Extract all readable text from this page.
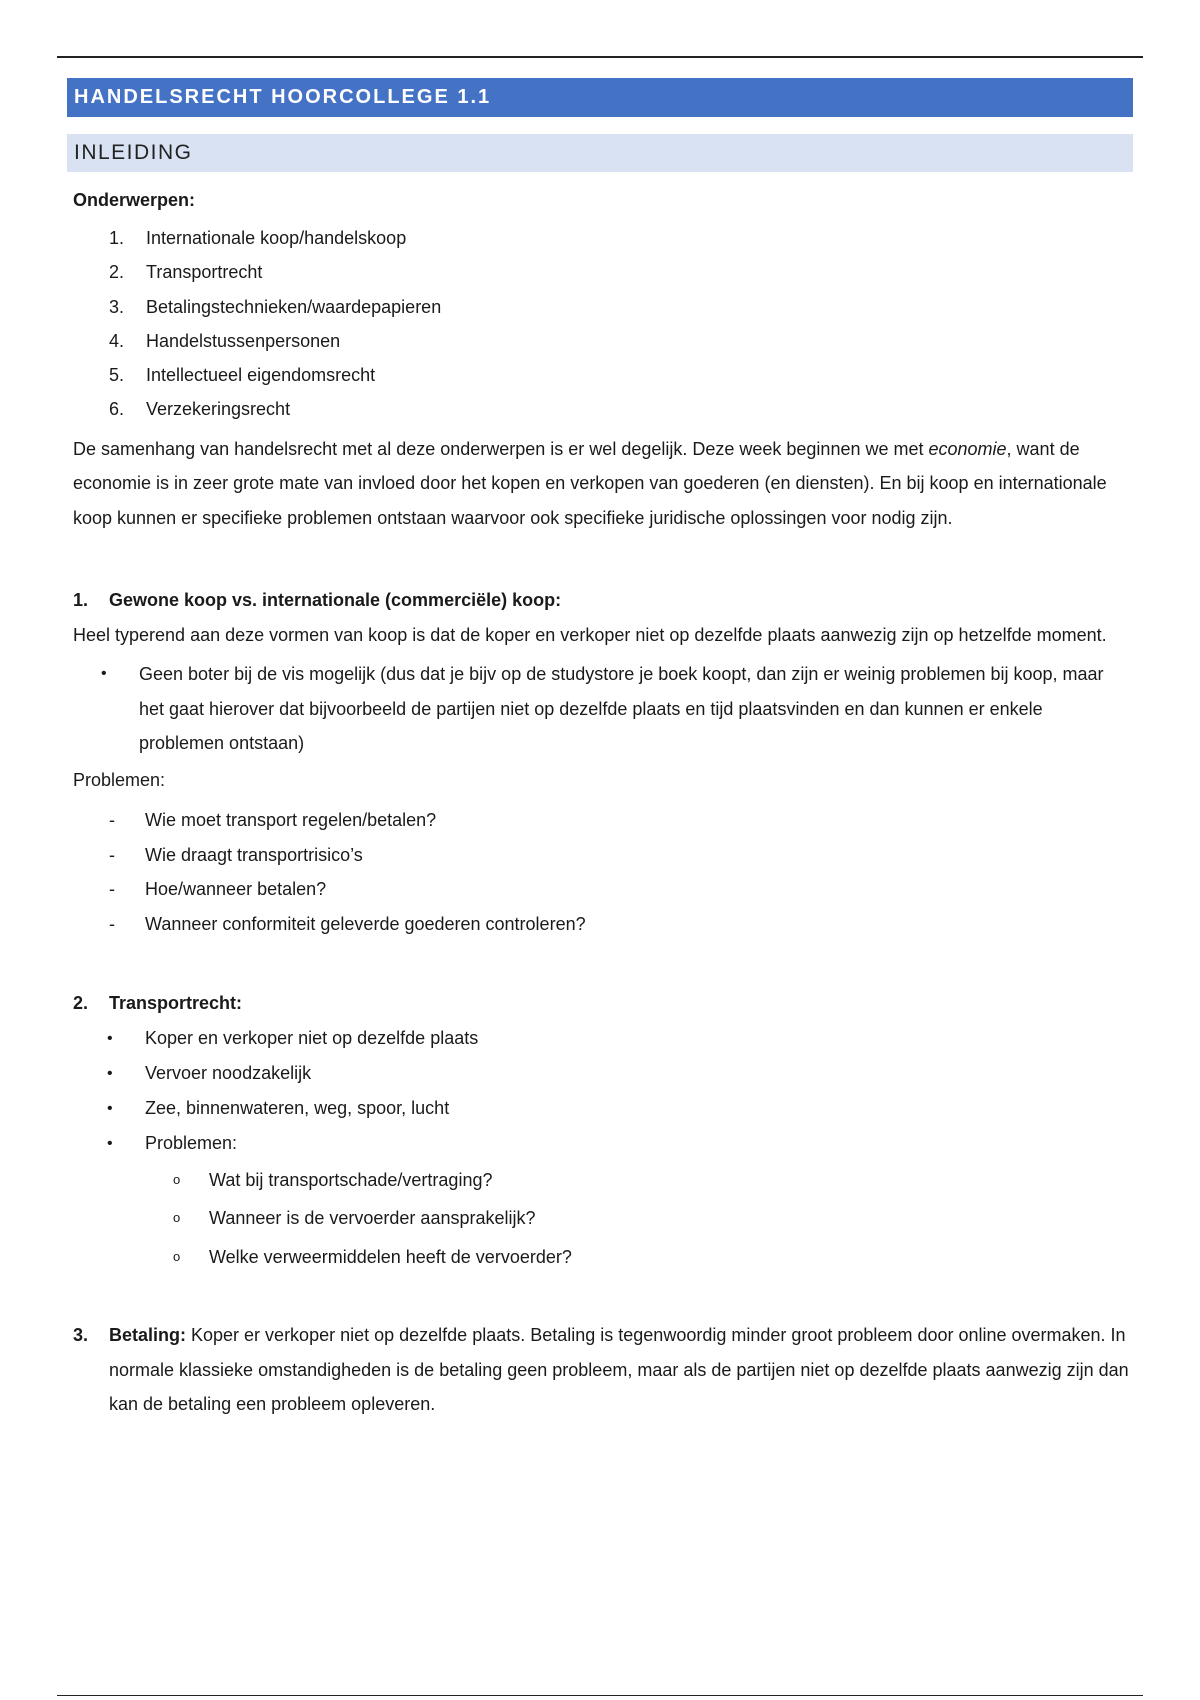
HANDELSRECHT HOORCOLLEGE 1.1
INLEIDING
Onderwerpen:
1. Internationale koop/handelskoop
2. Transportrecht
3. Betalingstechnieken/waardepapieren
4. Handelstussenpersonen
5. Intellectueel eigendomsrecht
6. Verzekeringsrecht

De samenhang van handelsrecht met al deze onderwerpen is er wel degelijk. Deze week beginnen we met economie, want de economie is in zeer grote mate van invloed door het kopen en verkopen van goederen (en diensten). En bij koop en internationale koop kunnen er specifieke problemen ontstaan waarvoor ook specifieke juridische oplossingen voor nodig zijn.

1. Gewone koop vs. internationale (commerciële) koop:

Heel typerend aan deze vormen van koop is dat de koper en verkoper niet op dezelfde plaats aanwezig zijn op hetzelfde moment.

• Geen boter bij de vis mogelijk (dus dat je bijv op de studystore je boek koopt, dan zijn er weinig problemen bij koop, maar het gaat hierover dat bijvoorbeeld de partijen niet op dezelfde plaats en tijd plaatsvinden en dan kunnen er enkele problemen ontstaan)

Problemen:

- Wie moet transport regelen/betalen?
- Wie draagt transportrisico’s
- Hoe/wanneer betalen?
- Wanneer conformiteit geleverde goederen controleren?
2. Transportrecht:
• Koper en verkoper niet op dezelfde plaats
• Vervoer noodzakelijk
• Zee, binnenwateren, weg, spoor, lucht
• Problemen:
o Wat bij transportschade/vertraging?
o Wanneer is de vervoerder aansprakelijk?
o Welke verweermiddelen heeft de vervoerder?

3. Betaling: Koper er verkoper niet op dezelfde plaats. Betaling is tegenwoordig minder groot probleem door online overmaken. In normale klassieke omstandigheden is de betaling geen probleem, maar als de partijen niet op dezelfde plaats aanwezig zijn dan kan de betaling een probleem opleveren.
